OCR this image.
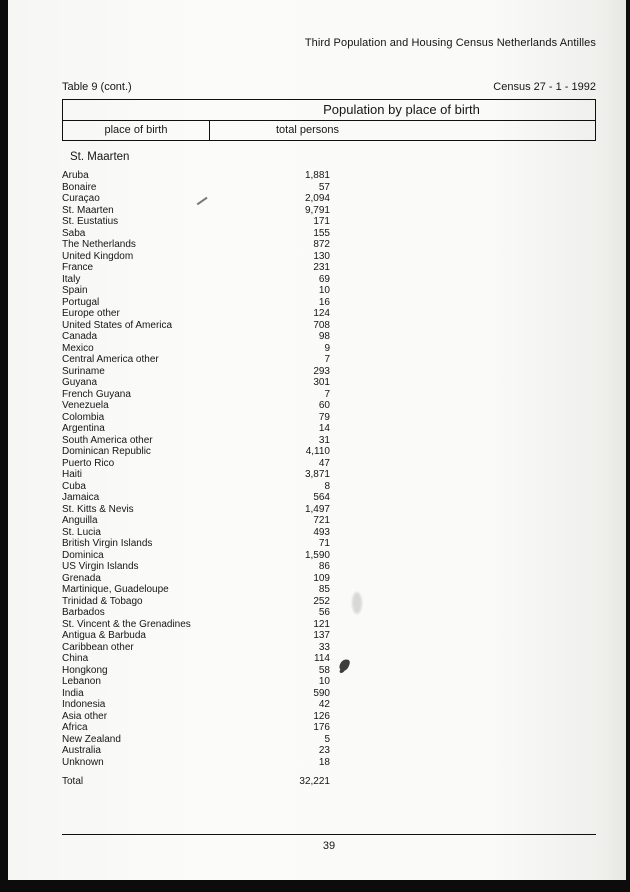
Third Population and Housing Census Netherlands Antilles
Table 9 (cont.)	Census 27 - 1 - 1992
Population by place of birth
place of birth	total persons
St. Maarten
Aruba	1,881
Bonaire	57
Curaçao	2,094
St. Maarten	9,791
St. Eustatius	171
Saba	155
The Netherlands	872
United Kingdom	130
France	231
Italy	69
Spain	10
Portugal	16
Europe other	124
United States of America	708
Canada	98
Mexico	9
Central America other	7
Suriname	293
Guyana	301
French Guyana	7
Venezuela	60
Colombia	79
Argentina	14
South America other	31
Dominican Republic	4,110
Puerto Rico	47
Haiti	3,871
Cuba	8
Jamaica	564
St. Kitts & Nevis	1,497
Anguilla	721
St. Lucia	493
British Virgin Islands	71
Dominica	1,590
US Virgin Islands	86
Grenada	109
Martinique, Guadeloupe	85
Trinidad & Tobago	252
Barbados	56
St. Vincent & the Grenadines	121
Antigua & Barbuda	137
Caribbean other	33
China	114
Hongkong	58
Lebanon	10
India	590
Indonesia	42
Asia other	126
Africa	176
New Zealand	5
Australia	23
Unknown	18
Total	32,221
39
